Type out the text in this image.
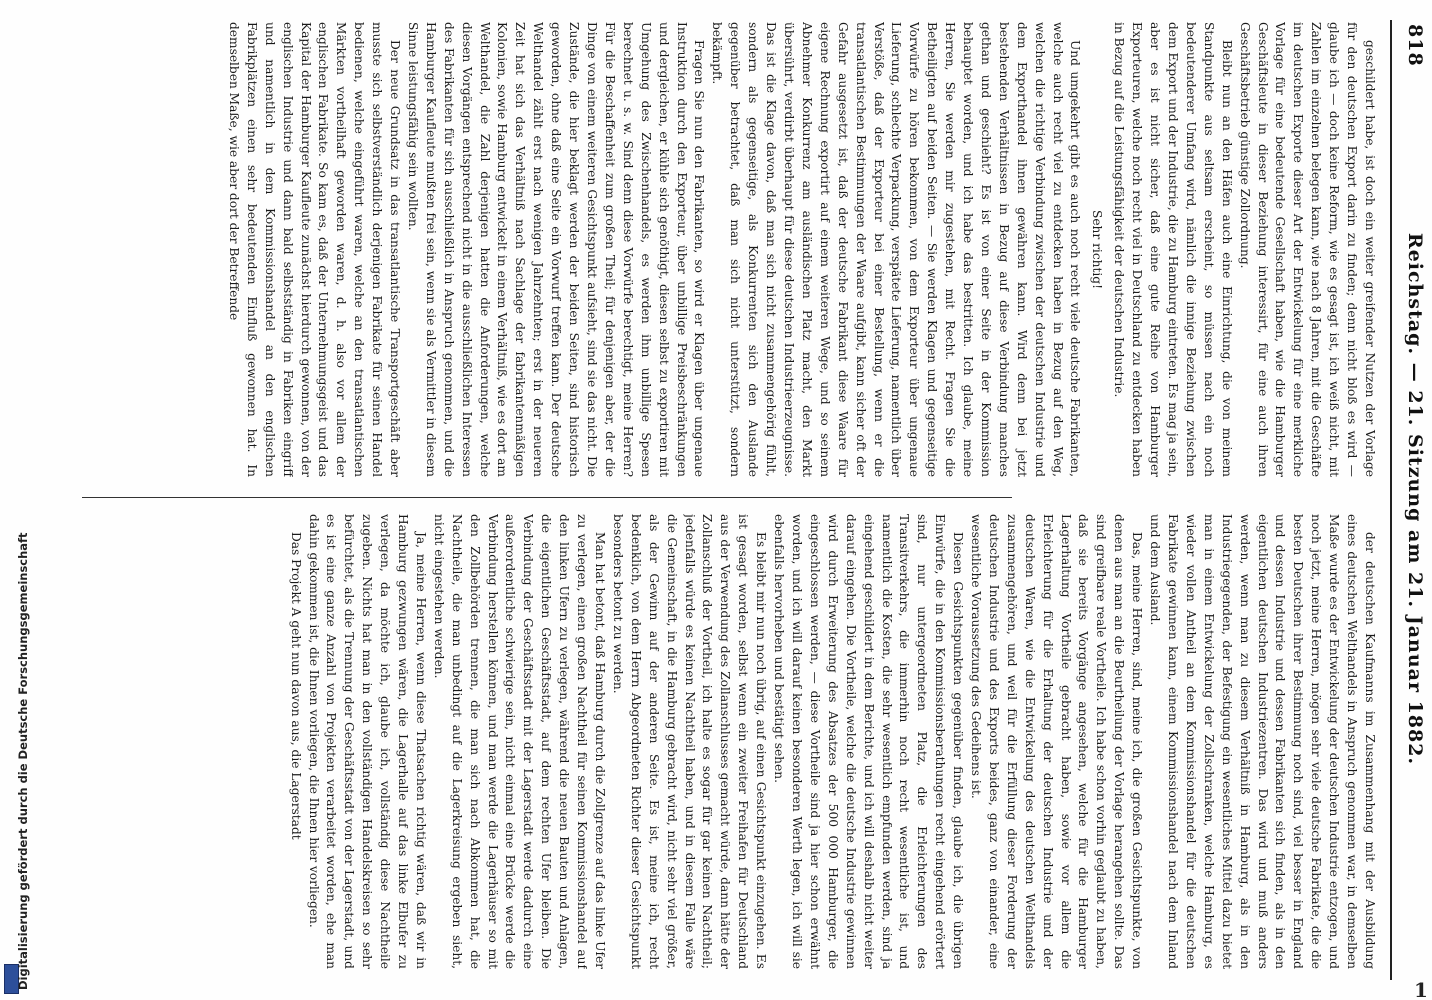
818
Reichstag. — 21. Sitzung am 21. Januar 1882.

geschildert habe, ist doch ein weiter greifender Nutzen der Vorlage für den deutschen Export darin zu finden; denn nicht bloß es wird — glaube ich — doch keine Reform, wie es gesagt ist, ich weiß nicht, mit Zahlen im einzelnen belegen kann, wie nach 8 Jahren, mit die Geschäfte im deutschen Exporte dieser Art der Entwickelung für eine merkliche Vorlage für eine bedeutende Gesellschaft haben, wie die Hamburger Geschäftsleute in dieser Beziehung interessirt, für eine auch ihren Geschäftsbetrieb günstige Zollordnung.

Bleibt nun an den Häfen auch eine Einrichtung, die von meinem Standpunkte aus seltsam erscheint, so müssen nach ein noch bedeutenderer Umfang wird, nämlich die innige Beziehung zwischen dem Export und der Industrie, die zu Hamburg eintreten. Es mag ja sein, aber es ist nicht sicher, daß eine gute Reihe von Hamburger Exporteuren, welche noch recht viel in Deutschland zu entdecken haben in Bezug auf die Leistungsfähigkeit der deutschen Industrie.

Sehr richtig!

Und umgekehrt gibt es auch noch recht viele deutsche Fabrikanten, welche auch recht viel zu entdecken haben in Bezug auf den Weg, welchen die richtige Verbindung zwischen der deutschen Industrie und dem Exporthandel ihnen gewähren kann. Wird denn bei jetzt bestehenden Verhältnissen in Bezug auf diese Verbindung manches gethan und geschieht? Es ist von einer Seite in der Kommission behauptet worden, und ich habe das bestritten. Ich glaube, meine Herren, Sie werden mir zugestehen, mit Recht. Fragen Sie die Betheiligten auf beiden Seiten. — Sie werden Klagen und gegenseitige Vorwürfe zu hören bekommen, von dem Exporteur über ungenaue Lieferung, schlechte Verpackung, verspätete Lieferung, namentlich über Verstöße, daß der Exporteur bei einer Bestellung, wenn er die transatlantischen Bestimmungen der Waare aufgibt, kann sicher oft der Gefahr ausgesetzt ist, daß der deutsche Fabrikant diese Waare für eigene Rechnung exportirt auf einem weiteren Wege, und so seinem Abnehmer Konkurrenz am ausländischen Platz macht, den Markt übersührt, verdirbt überhaupt für diese deutschen Industrieerzeugnisse. Das ist die Klage davon, daß man sich nicht zusammengehörig fühlt, sondern als gegenseitige, als Konkurrenten sich den Auslande gegenüber betrachtet, daß man sich nicht unterstützt, sondern bekämpft.

Fragen Sie nun den Fabrikanten, so wird er Klagen über ungenaue Instruktion durch den Exporteur, über unbillige Preisbeschränkungen und dergleichen, er kühle sich genöthigt, diesen selbst zu exportiren mit Umgehung des Zwischenhandels, es werden ihm unbillige Spesen berechnet u. s. w. Sind denn diese Vorwürfe berechtigt, meine Herren? Für die Beschaffenheit zum großen Theil; für denjenigen aber, der die Dinge von einem weiteren Gesichtspunkt aufsieht, sind sie das nicht. Die Zustände, die hier beklagt werden der beiden Seiten, sind historisch geworden, ohne daß eine Seite ein Vorwurf treffen kann. Der deutsche Welthandel zählt erst nach wenigen Jahrzehnten; erst in der neueren Zeit hat sich das Verhältniß nach Sachlage der fabrikantenmäßigen Kolonien, sowie Hamburg entwickelt in einem Verhältniß, wie es dort am Welthandel, die Zahl derjenigen hatten die Anforderungen, welche diesen Vorgängen entsprechend nicht in die ausschließlichen Interessen des Fabrikanten für sich ausschließlich in Anspruch genommen, und die Hamburger Kaufleute mußten frei sein, wenn sie als Vermittler in diesem Sinne leistungsfähig sein wollten.

Der neue Grundsatz in das transatlantische Transportgeschäft aber musste sich selbstverständlich derjenigen Fabrikate für seinen Handel bedienen, welche eingeführt waren, welche an den transatlantischen Märkten vortheilhaft geworden waren, d. h. also vor allem der englischen Fabrikate. So kam es, daß der Unternehmungsgeist und das Kapital der Hamburger Kaufleute zunächst hierdurch gewonnen, von der englischen Industrie und dann bald selbstständig in Fabriken eingriff und namentlich in dem Kommissionshandel an den englischen Fabrikplätzen einen sehr bedeutenden Einfluß gewonnen hat. In demselben Maße, wie aber dort der Betreffende

der deutschen Kaufmanns im Zusammenhang mit der Ausbildung eines deutschen Welthandels in Anspruch genommen war, in demselben Maße wurde es der Entwickelung der deutschen Industrie entzogen, und noch jetzt, meine Herren, mögen sehr viele deutsche Fabrikate, die die besten Deutschen ihrer Bestimmung noch sind, viel besser in England und dessen Industrie und dessen Fabrikanten sich finden, als in den eigentlichen deutschen Industriezentren. Das wird und muß anders werden, wenn man zu diesem Verhältniß in Hamburg, als in den Industriegegenden, der Befestigung ein wesentliches Mittel dazu bietet man in einem Entwickelung der Zollschranken, welche Hamburg, es wieder vollen Antheil an dem Kommissionshandel für die deutschen Fabrikate gewinnen kann, einem Kommissionshandel nach dem Inland und dem Ausland.

Das, meine Herren, sind, meine ich, die großen Gesichtspunkte, von denen aus man an die Beurtheilung der Vorlage herangehen sollte. Das sind greifbare reale Vortheile. Ich habe schon vorhin geglaubt zu haben, daß sie bereits Vorgänge angesehen, welche für die Hamburger Lagerhaltung Vortheile gebracht haben, sowie vor allem die Erleichterung für die Erhaltung der deutschen Industrie und der deutschen Waren, wie die Entwickelung des deutschen Welthandels zusammengehören, und weil für die Erfüllung dieser Forderung der deutschen Industrie und des Exports beides, ganz von einander, eine wesentliche Voraussetzung des Gedeihens ist.

Diesen Gesichtspunkten gegenüber finden, glaube ich, die übrigen Einwürfe, die in den Kommissionsberathungen recht eingehend erörtert sind, nur untergeordneten Platz, die Erleichterungen des Transitverkehrs, die immerhin noch recht wesentliche ist, und namentlich die Kosten, die sehr wesentlich empfunden werden, sind ja eingehend geschildert in dem Berichte, und ich will deshalb nicht weiter darauf eingehen. Die Vortheile, welche die deutsche Industrie gewinnen wird durch Erweiterung des Absatzes der 500 000 Hamburger, die eingeschlossen werden, — diese Vortheile sind ja hier schon erwähnt worden, und ich will darauf keinen besonderen Werth legen, ich will sie ebenfalls hervorheben und bestätigt sehen.

Es bleibt mir nun noch übrig, auf einen Gesichtspunkt einzugehen. Es ist gesagt worden, selbst wenn ein zweiter Freihafen für Deutschland aus der Verwendung des Zollanschlusses gemacht würde, dann hätte der Zollanschluß der Vortheil, ich halte es sogar für gar keinen Nachtheil; jedenfalls würde es keinen Nachtheil haben, und in diesem Falle wäre die Gemeinschaft, in die Hamburg gebracht wird, nicht sehr viel größer, als der Gewinn auf der anderen Seite. Es ist, meine ich, recht bedenklich, von dem Herrn Abgeordneten Richter dieser Gesichtspunkt besonders betont zu werden.

Man hat betont, daß Hamburg durch die Zollgrenze auf das linke Ufer zu verlegen, einen großen Nachtheil für seinen Kommissionshandel auf den linken Ufern zu verlegen, während die neuen Bauten und Anlagen, die eigentlichen Geschäftsstadt, auf dem rechten Ufer bleiben. Die Verbindung der Geschäftsstadt mit der Lagerstadt werde dadurch eine außerordentliche schwierige sein, nicht einmal eine Brücke werde die Verbindung herstellen können, und man werde die Lagerhäuser so mit den Zollbehörden trennen, die man sich nach Abkommen hat, die Nachtheile, die man unbedingt auf die Lagerkreisung ergeben sieht, nicht eingestehen werden.

Ja, meine Herren, wenn diese Thatsachen richtig wären, daß wir in Hamburg gezwungen wären, die Lagerhalle auf das linke Elbufer zu verlegen, da möchte ich, glaube ich, vollständig diese Nachtheile zugeben. Nichts hat man in den vollständigen Handelskreisen so sehr befürchtet, als die Trennung der Geschäftsstadt von der Lagerstadt, und es ist eine ganze Anzahl von Projekten verarbeitet worden, ehe man dahin gekommen ist, die Ihnen vorliegen, die Ihnen hier vorliegen.

Das Projekt A geht nun davon aus, die Lagerstadt

Digitalisierung gefördert durch die Deutsche Forschungsgemeinschaft	1
